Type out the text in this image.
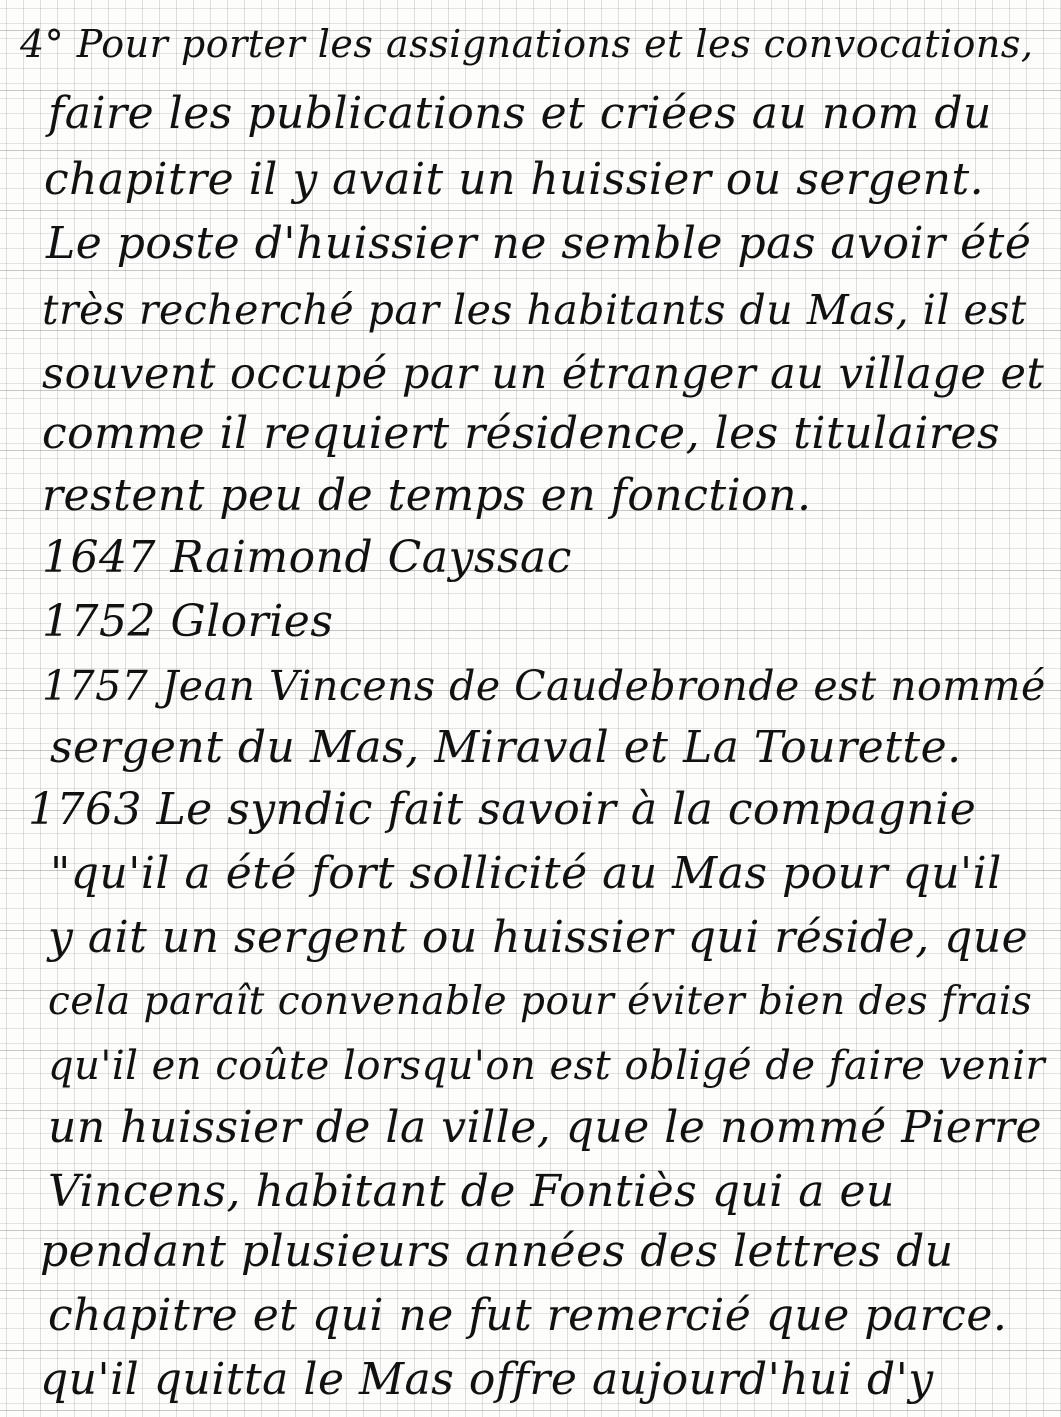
4° Pour porter les assignations et les convocations,
faire les publications et criées au nom du
chapitre il y avait un huissier ou sergent.
Le poste d'huissier ne semble pas avoir été
très recherché par les habitants du Mas, il est
souvent occupé par un étranger au village et
comme il requiert résidence, les titulaires
restent peu de temps en fonction.
1647 Raimond Cayssac
1752 Glories
1757 Jean Vincens de Caudebronde est nommé
sergent du Mas, Miraval et La Tourette.
1763 Le syndic fait savoir à la compagnie
"qu'il a été fort sollicité au Mas pour qu'il
y ait un sergent ou huissier qui réside, que
cela paraît convenable pour éviter bien des frais
qu'il en coûte lorsqu'on est obligé de faire venir
un huissier de la ville, que le nommé Pierre
Vincens, habitant de Fontiès qui a eu
pendant plusieurs années des lettres du
chapitre et qui ne fut remercié que parce.
qu'il quitta le Mas offre aujourd'hui d'y
